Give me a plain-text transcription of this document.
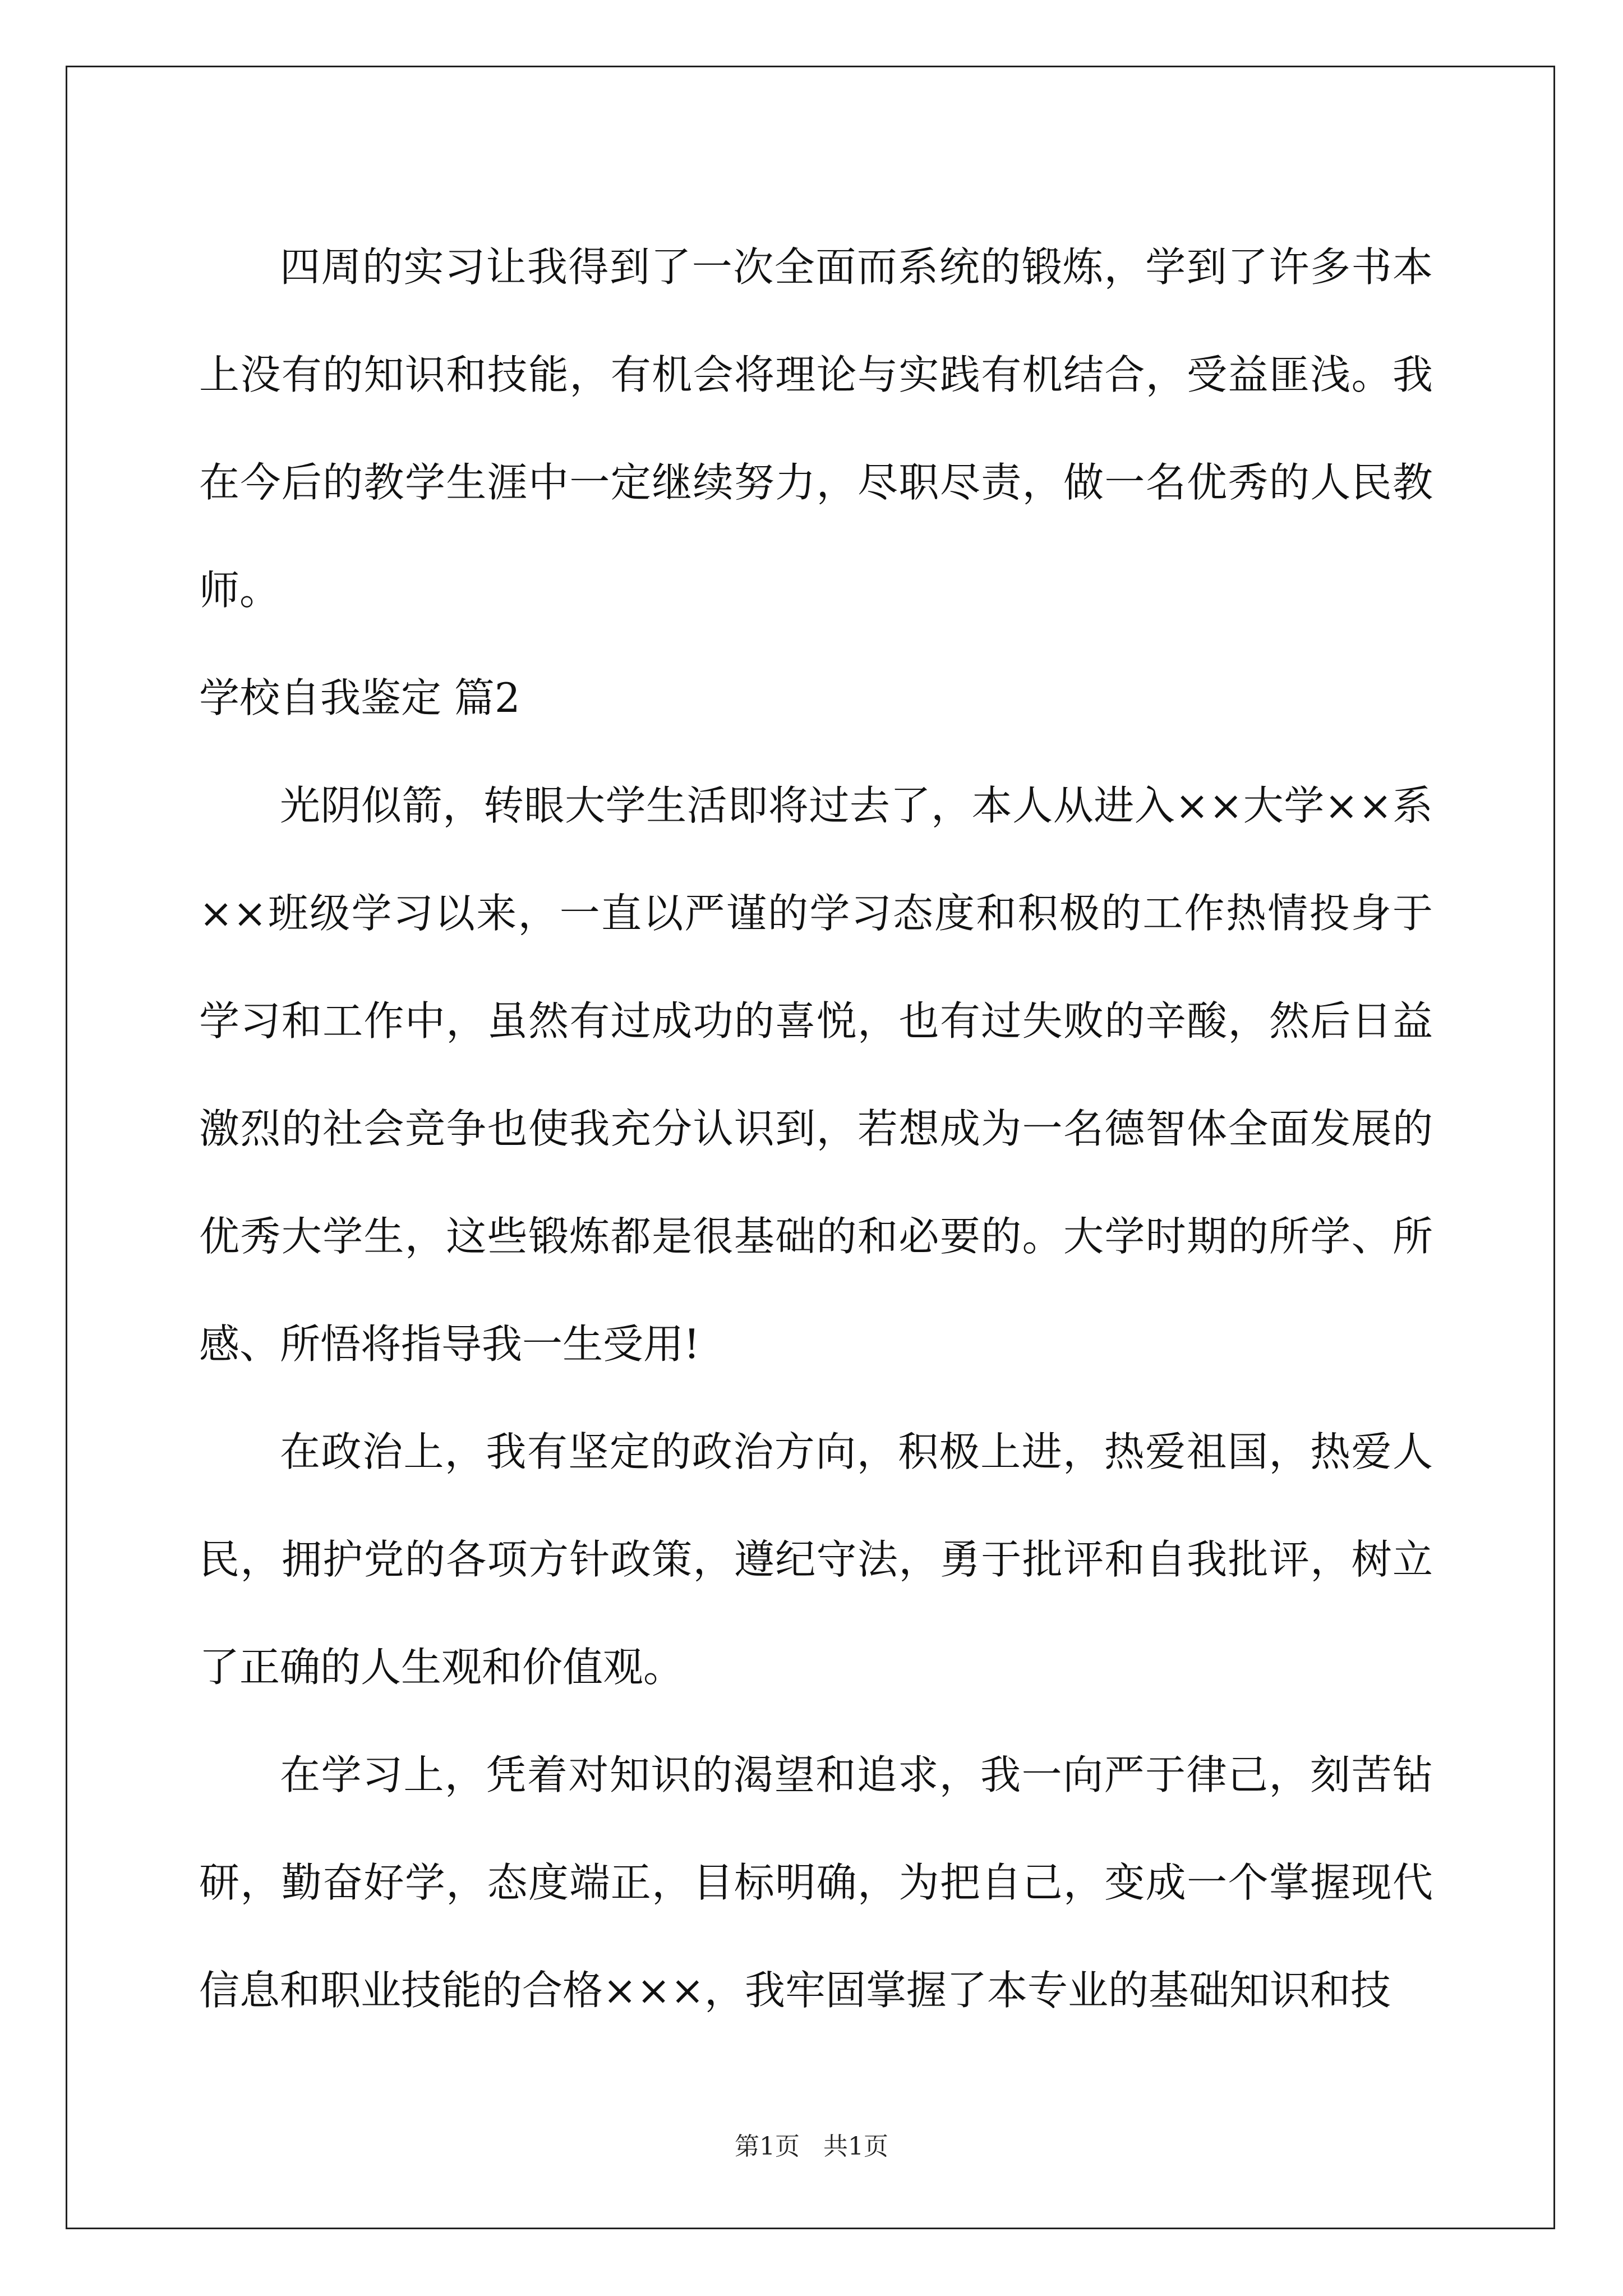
四周的实习让我得到了一次全面而系统的锻炼，学到了许多书本上没有的知识和技能，有机会将理论与实践有机结合，受益匪浅。我在今后的教学生涯中一定继续努力，尽职尽责，做一名优秀的人民教师。

学校自我鉴定 篇2

光阴似箭，转眼大学生活即将过去了，本人从进入××大学××系××班级学习以来，一直以严谨的学习态度和积极的工作热情投身于学习和工作中，虽然有过成功的喜悦，也有过失败的辛酸，然后日益激烈的社会竞争也使我充分认识到，若想成为一名德智体全面发展的优秀大学生，这些锻炼都是很基础的和必要的。大学时期的所学、所感、所悟将指导我一生受用!

在政治上，我有坚定的政治方向，积极上进，热爱祖国，热爱人民，拥护党的各项方针政策，遵纪守法，勇于批评和自我批评，树立了正确的人生观和价值观。

在学习上，凭着对知识的渴望和追求，我一向严于律己，刻苦钻研，勤奋好学，态度端正，目标明确，为把自己，变成一个掌握现代信息和职业技能的合格×××，我牢固掌握了本专业的基础知识和技

第1页 共1页
